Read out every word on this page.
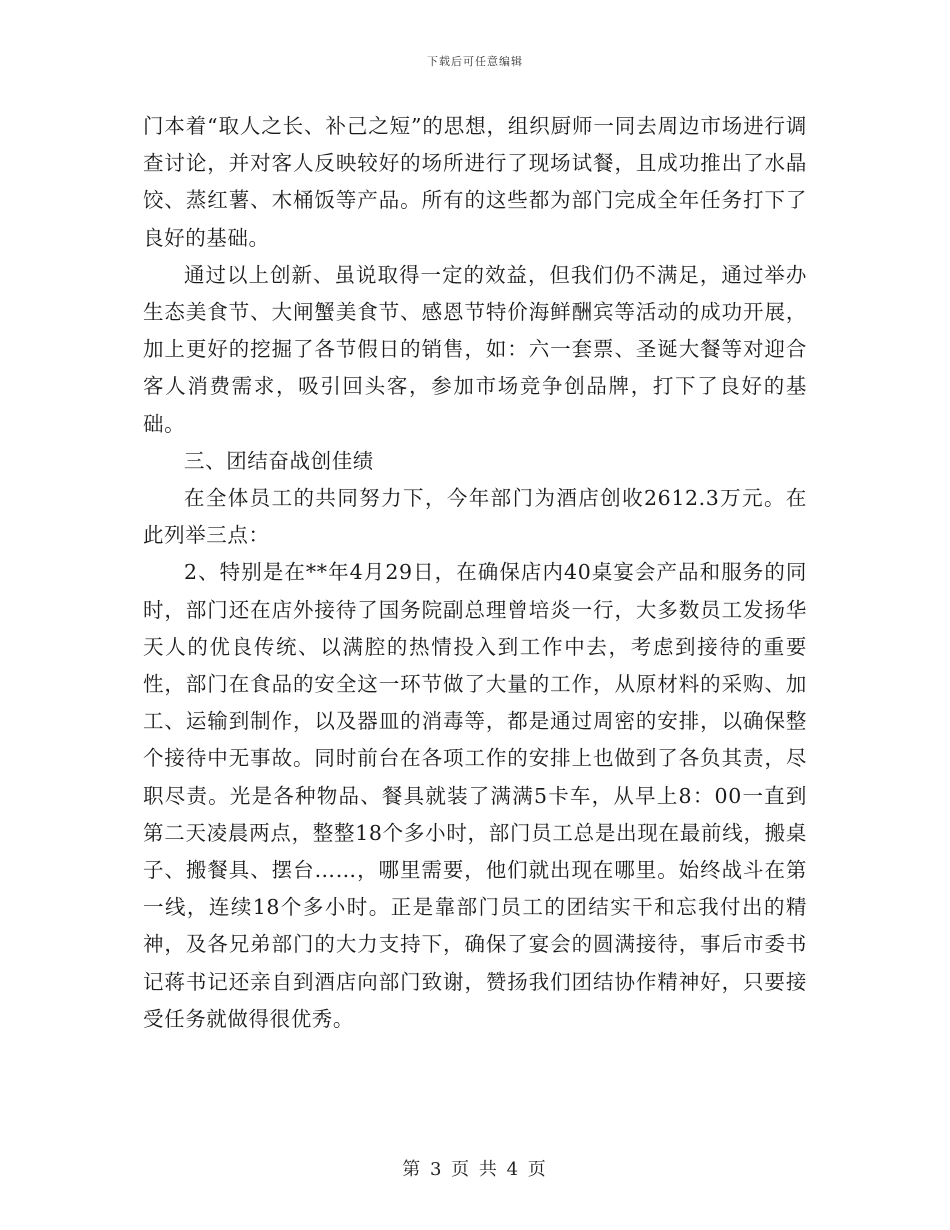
下载后可任意编辑

门本着“取人之长、补己之短”的思想，组织厨师一同去周边市场进行调查讨论，并对客人反映较好的场所进行了现场试餐，且成功推出了水晶饺、蒸红薯、木桶饭等产品。所有的这些都为部门完成全年任务打下了良好的基础。

通过以上创新、虽说取得一定的效益，但我们仍不满足，通过举办生态美食节、大闸蟹美食节、感恩节特价海鲜酬宾等活动的成功开展，加上更好的挖掘了各节假日的销售，如：六一套票、圣诞大餐等对迎合客人消费需求，吸引回头客，参加市场竞争创品牌，打下了良好的基础。

三、团结奋战创佳绩

在全体员工的共同努力下，今年部门为酒店创收2612.3万元。在此列举三点：

2、特别是在**年4月29日，在确保店内40桌宴会产品和服务的同时，部门还在店外接待了国务院副总理曾培炎一行，大多数员工发扬华天人的优良传统、以满腔的热情投入到工作中去，考虑到接待的重要性，部门在食品的安全这一环节做了大量的工作，从原材料的采购、加工、运输到制作，以及器皿的消毒等，都是通过周密的安排，以确保整个接待中无事故。同时前台在各项工作的安排上也做到了各负其责，尽职尽责。光是各种物品、餐具就装了满满5卡车，从早上8：00一直到第二天凌晨两点，整整18个多小时，部门员工总是出现在最前线，搬桌子、搬餐具、摆台……，哪里需要，他们就出现在哪里。始终战斗在第一线，连续18个多小时。正是靠部门员工的团结实干和忘我付出的精神，及各兄弟部门的大力支持下，确保了宴会的圆满接待，事后市委书记蒋书记还亲自到酒店向部门致谢，赞扬我们团结协作精神好，只要接受任务就做得很优秀。

第 3 页 共 4 页
